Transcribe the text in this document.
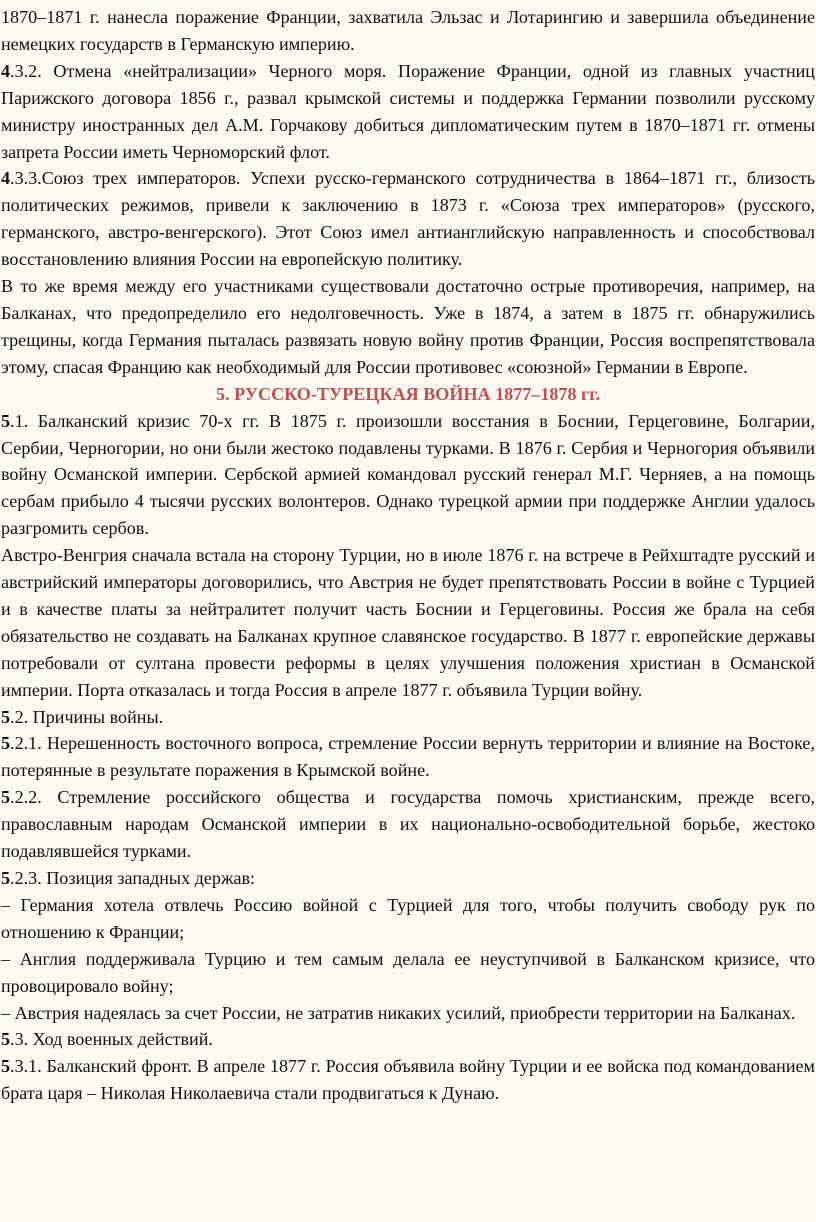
1870–1871 г. нанесла поражение Франции, захватила Эльзас и Лотарингию и завершила объединение немецких государств в Германскую империю.

4.3.2. Отмена «нейтрализации» Черного моря. Поражение Франции, одной из главных участниц Парижского договора 1856 г., развал крымской системы и поддержка Германии позволили русскому министру иностранных дел А.М. Горчакову добиться дипломатическим путем в 1870–1871 гг. отмены запрета России иметь Черноморский флот.

4.3.3.Союз трех императоров. Успехи русско-германского сотрудничества в 1864–1871 гг., близость политических режимов, привели к заключению в 1873 г. «Союза трех императоров» (русского, германского, австро-венгерского). Этот Союз имел антианглийскую направленность и способствовал восстановлению влияния России на европейскую политику.

В то же время между его участниками существовали достаточно острые противоречия, например, на Балканах, что предопределило его недолговечность. Уже в 1874, а затем в 1875 гг. обнаружились трещины, когда Германия пыталась развязать новую войну против Франции, Россия воспрепятствовала этому, спасая Францию как необходимый для России противовес «союзной» Германии в Европе.

5. РУССКО-ТУРЕЦКАЯ ВОЙНА 1877–1878 гг.

5.1. Балканский кризис 70-х гг. В 1875 г. произошли восстания в Боснии, Герцеговине, Болгарии, Сербии, Черногории, но они были жестоко подавлены турками. В 1876 г. Сербия и Черногория объявили войну Османской империи. Сербской армией командовал русский генерал М.Г. Черняев, а на помощь сербам прибыло 4 тысячи русских волонтеров. Однако турецкой армии при поддержке Англии удалось разгромить сербов.

Австро-Венгрия сначала встала на сторону Турции, но в июле 1876 г. на встрече в Рейхштадте русский и австрийский императоры договорились, что Австрия не будет препятствовать России в войне с Турцией и в качестве платы за нейтралитет получит часть Боснии и Герцеговины. Россия же брала на себя обязательство не создавать на Балканах крупное славянское государство. В 1877 г. европейские державы потребовали от султана провести реформы в целях улучшения положения христиан в Османской империи. Порта отказалась и тогда Россия в апреле 1877 г. объявила Турции войну.

5.2. Причины войны.

5.2.1. Нерешенность восточного вопроса, стремление России вернуть территории и влияние на Востоке, потерянные в результате поражения в Крымской войне.

5.2.2. Стремление российского общества и государства помочь христианским, прежде всего, православным народам Османской империи в их национально-освободительной борьбе, жестоко подавлявшейся турками.

5.2.3. Позиция западных держав:

– Германия хотела отвлечь Россию войной с Турцией для того, чтобы получить свободу рук по отношению к Франции;

– Англия поддерживала Турцию и тем самым делала ее неуступчивой в Балканском кризисе, что провоцировало войну;

– Австрия надеялась за счет России, не затратив никаких усилий, приобрести территории на Балканах.

5.3. Ход военных действий.

5.3.1. Балканский фронт. В апреле 1877 г. Россия объявила войну Турции и ее войска под командованием брата царя – Николая Николаевича стали продвигаться к Дунаю.
